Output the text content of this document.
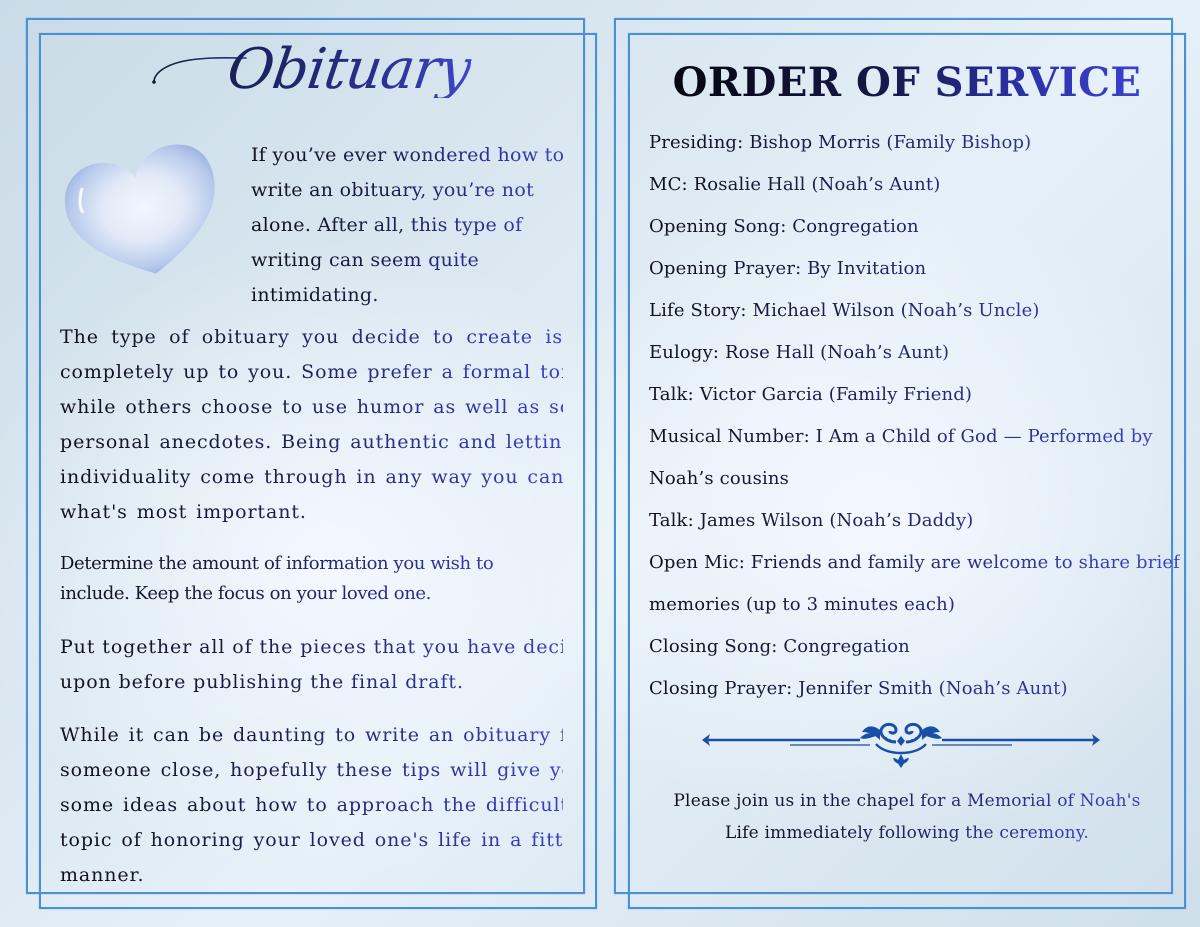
Obituary
If you’ve ever wondered how to
write an obituary, you’re not
alone. After all, this type of
writing can seem quite
intimidating.
The type of obituary you decide to create is
completely up to you. Some prefer a formal tone
while others choose to use humor as well as some
personal anecdotes. Being authentic and letting your
individuality come through in any way you can is
what's most important.
Determine the amount of information you wish to
include. Keep the focus on your loved one.
Put together all of the pieces that you have decided
upon before publishing the final draft.
While it can be daunting to write an obituary for
someone close, hopefully these tips will give you
some ideas about how to approach the difficult
topic of honoring your loved one's life in a fitting
manner.
ORDER OF SERVICE
Presiding: Bishop Morris (Family Bishop)
MC: Rosalie Hall (Noah’s Aunt)
Opening Song: Congregation
Opening Prayer: By Invitation
Life Story: Michael Wilson (Noah’s Uncle)
Eulogy: Rose Hall (Noah’s Aunt)
Talk: Victor Garcia (Family Friend)
Musical Number: I Am a Child of God — Performed by
Noah’s cousins
Talk: James Wilson (Noah’s Daddy)
Open Mic: Friends and family are welcome to share brief
memories (up to 3 minutes each)
Closing Song: Congregation
Closing Prayer: Jennifer Smith (Noah’s Aunt)
Please join us in the chapel for a Memorial of Noah's
Life immediately following the ceremony.
